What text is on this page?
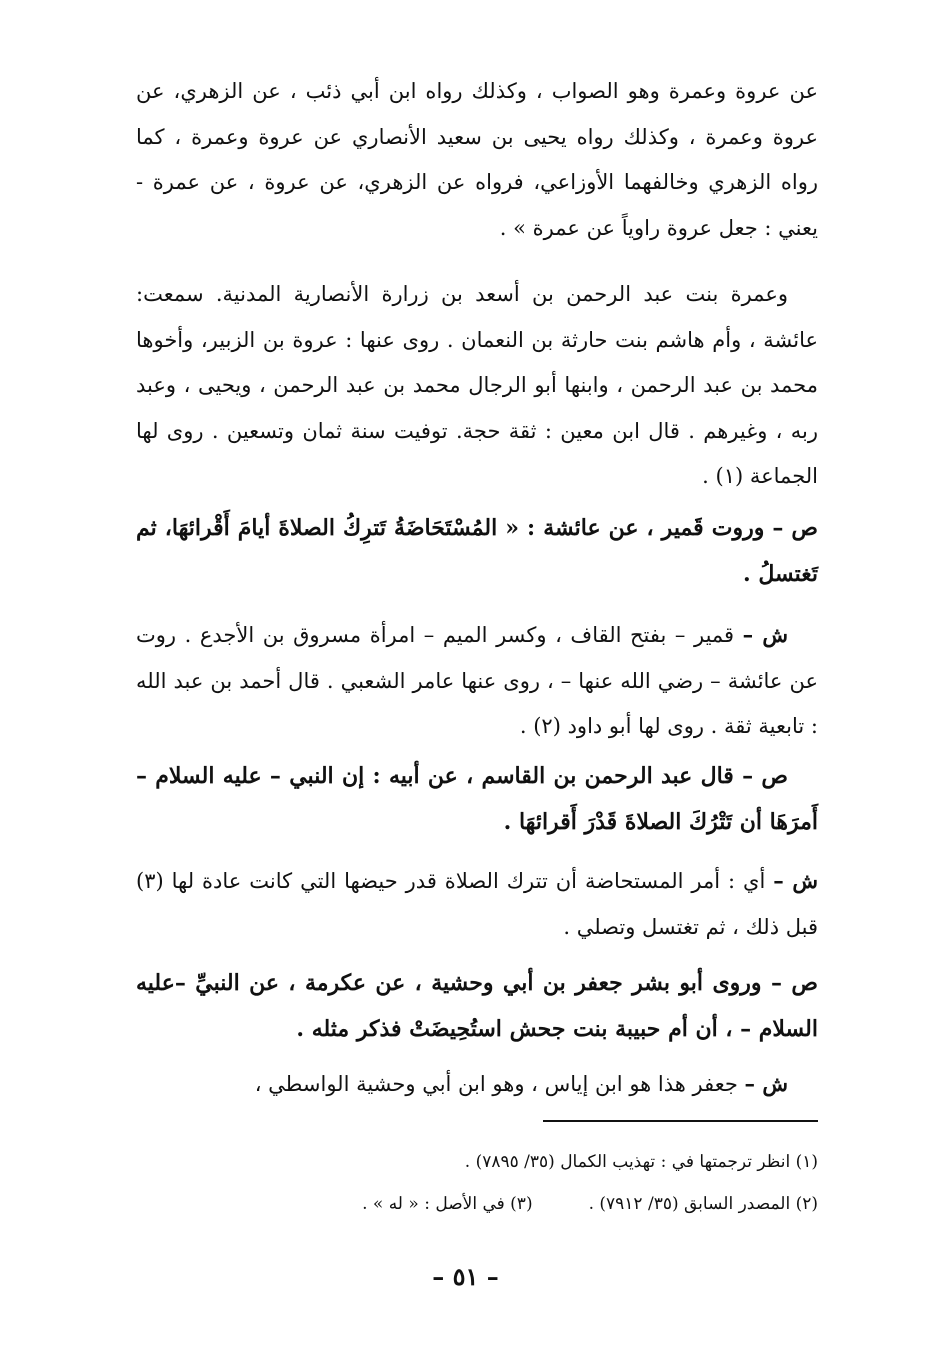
عن عروة وعمرة وهو الصواب ، وكذلك رواه ابن أبي ذئب ، عن الزهري، عن عروة وعمرة ، وكذلك رواه يحيى بن سعيد الأنصاري عن عروة وعمرة ، كما رواه الزهري وخالفهما الأوزاعي، فرواه عن الزهري، عن عروة ، عن عمرة - يعني : جعل عروة راوياً عن عمرة » .

وعمرة بنت عبد الرحمن بن أسعد بن زرارة الأنصارية المدنية. سمعت: عائشة ، وأم هاشم بنت حارثة بن النعمان . روى عنها : عروة بن الزبير، وأخوها محمد بن عبد الرحمن ، وابنها أبو الرجال محمد بن عبد الرحمن ، ويحيى ، وعبد ربه ، وغيرهم . قال ابن معين : ثقة حجة. توفيت سنة ثمان وتسعين . روى لها الجماعة (١) .

ص – وروت قَمير ، عن عائشة : « المُسْتَحَاضَةُ تَترِكُ الصلاةَ أيامَ أَقْرائهَا، ثم تَغتسلُ .

ش – قمير – بفتح القاف ، وكسر الميم – امرأة مسروق بن الأجدع . روت عن عائشة – رضي الله عنها – ، روى عنها عامر الشعبي . قال أحمد بن عبد الله : تابعية ثقة . روى لها أبو داود (٢) .

ص – قال عبد الرحمن بن القاسم ، عن أبيه : إن النبي – عليه السلام – أَمرَهَا أن تَتْرُكَ الصلاةَ قَدْرَ أَقرائهَا .

ش – أي : أمر المستحاضة أن تترك الصلاة قدر حيضها التي كانت عادة لها (٣) قبل ذلك ، ثم تغتسل وتصلي .

ص – وروى أبو بشر جعفر بن أبي وحشية ، عن عكرمة ، عن النبيِّ –عليه السلام – ، أن أم حبيبة بنت جحش استُحِيضَتْ فذكر مثله .

ش – جعفر هذا هو ابن إياس ، وهو ابن أبي وحشية الواسطي ،

(١) انظر ترجمتها في : تهذيب الكمال (٣٥/ ٧٨٩٥) .
(٢) المصدر السابق (٣٥/ ٧٩١٢) .
(٣) في الأصل : « له » .
– ٥١ –
